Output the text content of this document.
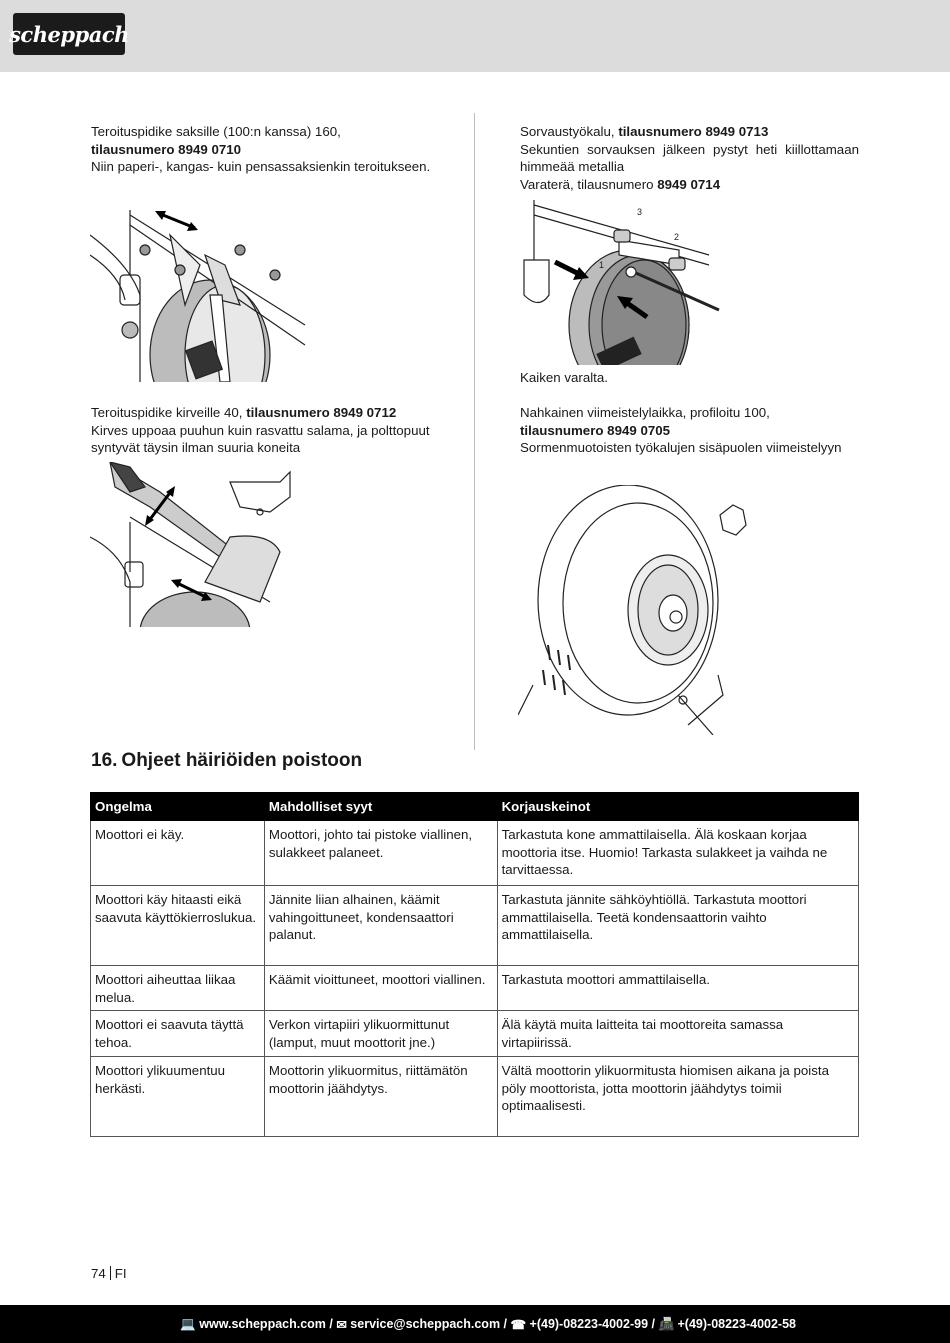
scheppach

Teroituspidike saksille (100:n kanssa) 160,

tilausnumero 8949 0710

Niin paperi-, kangas- kuin pensassaksienkin teroitukseen.

Teroituspidike kirveille 40, tilausnumero 8949 0712

Kirves uppoaa puuhun kuin rasvattu salama, ja polttopuut syntyvät täysin ilman suuria koneita

Sorvaustyökalu, tilausnumero 8949 0713

Sekuntien sorvauksen jälkeen pystyt heti kiillottamaan himmeää metallia

Varaterä, tilausnumero 8949 0714

3
2
1

Kaiken varalta.

Nahkainen viimeistelylaikka, profiloitu 100,

tilausnumero 8949 0705

Sormenmuotoisten työkalujen sisäpuolen viimeistelyyn

16. Ohjeet häiriöiden poistoon
Ongelma	Mahdolliset syyt	Korjauskeinot
Moottori ei käy.	Moottori, johto tai pistoke viallinen, sulakkeet palaneet.	Tarkastuta kone ammattilaisella. Älä koskaan korjaa moottoria itse. Huomio! Tarkasta sulakkeet ja vaihda ne tarvittaessa.
Moottori käy hitaasti eikä saavuta käyttökierroslukua.	Jännite liian alhainen, käämit vahingoittuneet, kondensaattori palanut.	Tarkastuta jännite sähköyhtiöllä. Tarkastuta moottori ammattilaisella. Teetä kondensaattorin vaihto ammattilaisella.
Moottori aiheuttaa liikaa melua.	Käämit vioittuneet, moottori viallinen.	Tarkastuta moottori ammattilaisella.
Moottori ei saavuta täyttä tehoa.	Verkon virtapiiri ylikuormittunut (lamput, muut moottorit jne.)	Älä käytä muita laitteita tai moottoreita samassa virtapiirissä.
Moottori ylikuumentuu herkästi.	Moottorin ylikuormitus, riittämätön moottorin jäähdytys.	Vältä moottorin ylikuormitusta hiomisen aikana ja poista pöly moottorista, jotta moottorin jäähdytys toimii optimaalisesti.
74 FI
💻 www.scheppach.com / ✉ service@scheppach.com / ☎ +(49)-08223-4002-99 / 📠 +(49)-08223-4002-58
